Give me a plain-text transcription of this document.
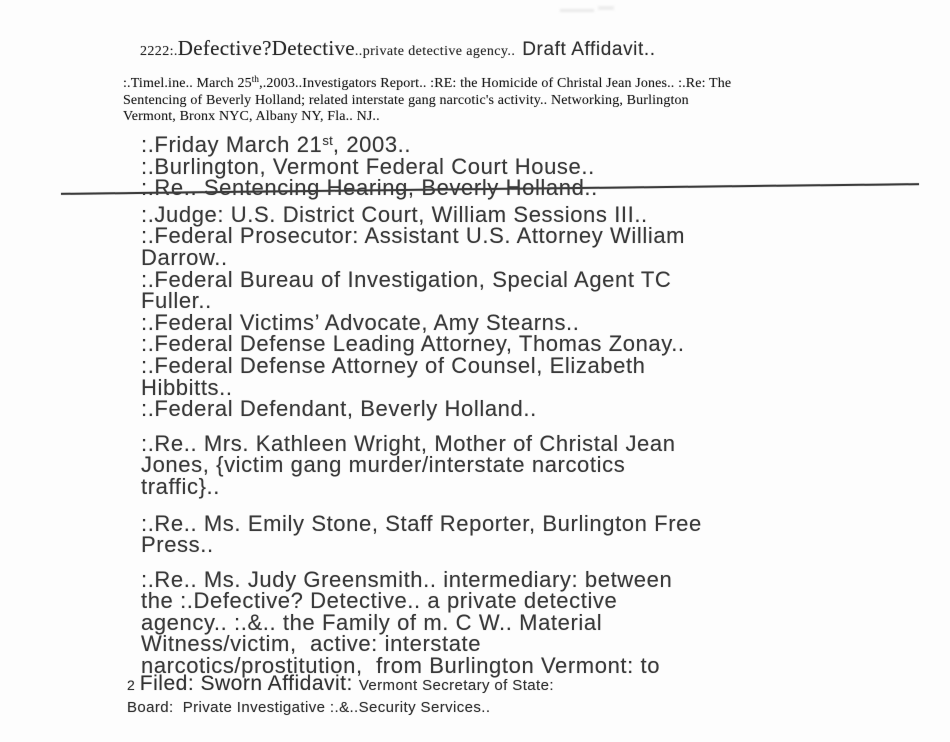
2222:.Defective?Detective..private detective agency.. Draft Affidavit..
:.Timel.ine.. March 25th,.2003..Investigators Report.. :RE: the Homicide of Christal Jean Jones.. :.Re: The
Sentencing of Beverly Holland; related interstate gang narcotic's activity.. Networking, Burlington
Vermont, Bronx NYC, Albany NY, Fla.. NJ..
:.Friday March 21st, 2003..
:.Burlington, Vermont Federal Court House..
:.Re.. Sentencing Hearing, Beverly Holland..
:.Judge: U.S. District Court, William Sessions III..
:.Federal Prosecutor: Assistant U.S. Attorney William
Darrow..
:.Federal Bureau of Investigation, Special Agent TC
Fuller..
:.Federal Victims’ Advocate, Amy Stearns..
:.Federal Defense Leading Attorney, Thomas Zonay..
:.Federal Defense Attorney of Counsel, Elizabeth
Hibbitts..
:.Federal Defendant, Beverly Holland..
:.Re.. Mrs. Kathleen Wright, Mother of Christal Jean
Jones, {victim gang murder/interstate narcotics
traffic}..
:.Re.. Ms. Emily Stone, Staff Reporter, Burlington Free
Press..
:.Re.. Ms. Judy Greensmith.. intermediary: between
the :.Defective? Detective.. a private detective
agency.. :.&.. the Family of m. C W.. Material
Witness/victim,  active: interstate
narcotics/prostitution,  from Burlington Vermont: to
2 Filed: Sworn Affidavit: Vermont Secretary of State:
Board:  Private Investigative :.&..Security Services..
